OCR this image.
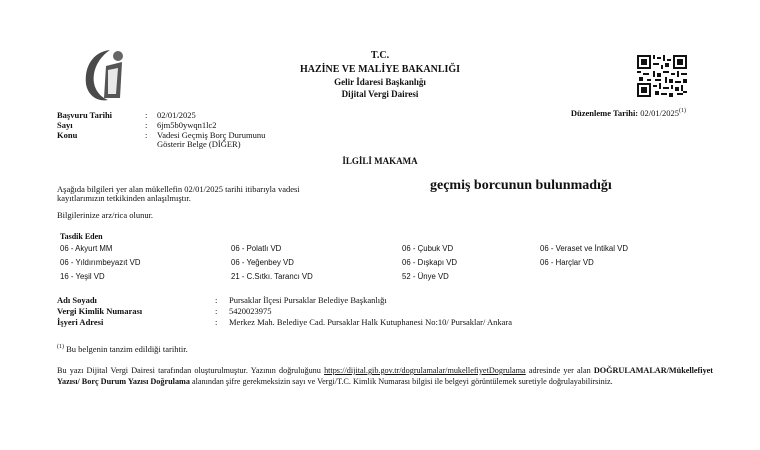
T.C.
HAZİNE VE MALİYE BAKANLIĞI
Gelir İdaresi Başkanlığı
Dijital Vergi Dairesi
Başvuru Tarihi	: 02/01/2025
Sayı	: 6jm5b0ywqn1lc2
Konu	: Vadesi Geçmiş Borç Durumunu
Gösterir Belge (DİĞER)
Düzenleme Tarihi: 02/01/2025$^{(1)}$
İLGİLİ MAKAMA
Aşağıda bilgileri yer alan mükellefin 02/01/2025 tarihi itibarıyla vadesi	geçmiş borcunun bulunmadığı
kayıtlarımızın tetkikinden anlaşılmıştır.
Bilgilerinize arz/rica olunur.
Tasdik Eden
06 - Akyurt MM	06 - Polatlı VD	06 - Çubuk VD	06 - Veraset ve İntikal VD
06 - Yıldırımbeyazıt VD	06 - Yeğenbey VD	06 - Dışkapı VD	06 - Harçlar VD
16 - Yeşil VD	21 - C.Sıtkı. Tarancı VD	52 - Ünye VD
Adı Soyadı	: Pursaklar İlçesi Pursaklar Belediye Başkanlığı
Vergi Kimlik Numarası	: 5420023975
İşyeri Adresi	: Merkez Mah. Belediye Cad. Pursaklar Halk Kutuphanesi No:10/ Pursaklar/ Ankara
$^{(1)}$ Bu belgenin tanzim edildiği tarihtir.
Bu yazı Dijital Vergi Dairesi tarafından oluşturulmuştur. Yazının doğruluğunu https://dijital.gib.gov.tr/dogrulamalar/mukellefiyetDogrulama adresinde yer alan DOĞRULAMALAR/Mükellefiyet Yazısı/ Borç Durum Yazısı Doğrulama alanından şifre gerekmeksizin sayı ve Vergi/T.C. Kimlik Numarası bilgisi ile belgeyi görüntülemek suretiyle doğrulayabilirsiniz.
